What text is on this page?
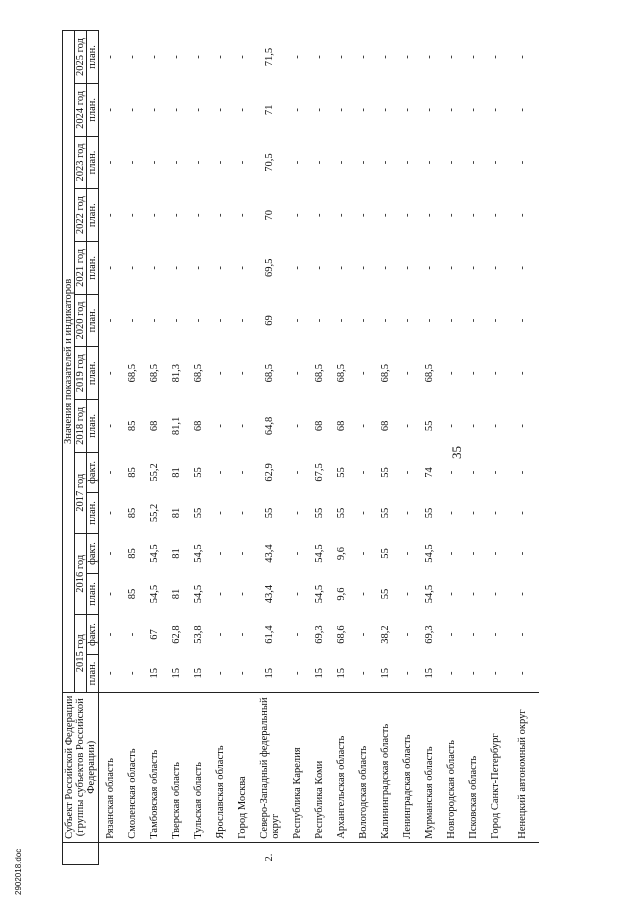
35
	Субъект Российской Федерации (группы субъектов Российской Федерации)	Значения показателей и индикаторов													
		2015 год		2016 год		2017 год		2018 год	2019 год	2020 год	2021 год	2022 год	2023 год	2024 год	2025 год
		план.	факт.	план.	факт.	план.	факт.	план.	план.	план.	план.	план.	план.	план.	план.
	Рязанская область	-	-	-	-	-	-	-	-	-	-	-	-	-	-
	Смоленская область	-	-	85	85	85	85	85	68,5	-	-	-	-	-	-
	Тамбовская область	15	67	54,5	54,5	55,2	55,2	68	68,5	-	-	-	-	-	-
	Тверская область	15	62,8	81	81	81	81	81,1	81,3	-	-	-	-	-	-
	Тульская область	15	53,8	54,5	54,5	55	55	68	68,5	-	-	-	-	-	-
	Ярославская область	-	-	-	-	-	-	-	-	-	-	-	-	-	-
	Город Москва	-	-	-	-	-	-	-	-	-	-	-	-	-	-
2.	Северо-Западный федеральный округ	15	61,4	43,4	43,4	55	62,9	64,8	68,5	69	69,5	70	70,5	71	71,5
	Республика Карелия	-	-	-	-	-	-	-	-	-	-	-	-	-	-
	Республика Коми	15	69,3	54,5	54,5	55	67,5	68	68,5	-	-	-	-	-	-
	Архангельская область	15	68,6	9,6	9,6	55	55	68	68,5	-	-	-	-	-	-
	Вологодская область	-	-	-	-	-	-	-	-	-	-	-	-	-	-
	Калининградская область	15	38,2	55	55	55	55	68	68,5	-	-	-	-	-	-
	Ленинградская область	-	-	-	-	-	-	-	-	-	-	-	-	-	-
	Мурманская область	15	69,3	54,5	54,5	55	74	55	68,5	-	-	-	-	-	-
	Новгородская область	-	-	-	-	-	-	-	-	-	-	-	-	-	-
	Псковская область	-	-	-	-	-	-	-	-	-	-	-	-	-	-
	Город Санкт-Петербург	-	-	-	-	-	-	-	-	-	-	-	-	-	-
	Ненецкий автономный округ	-	-	-	-	-	-	-	-	-	-	-	-	-	-
2902018.doc
